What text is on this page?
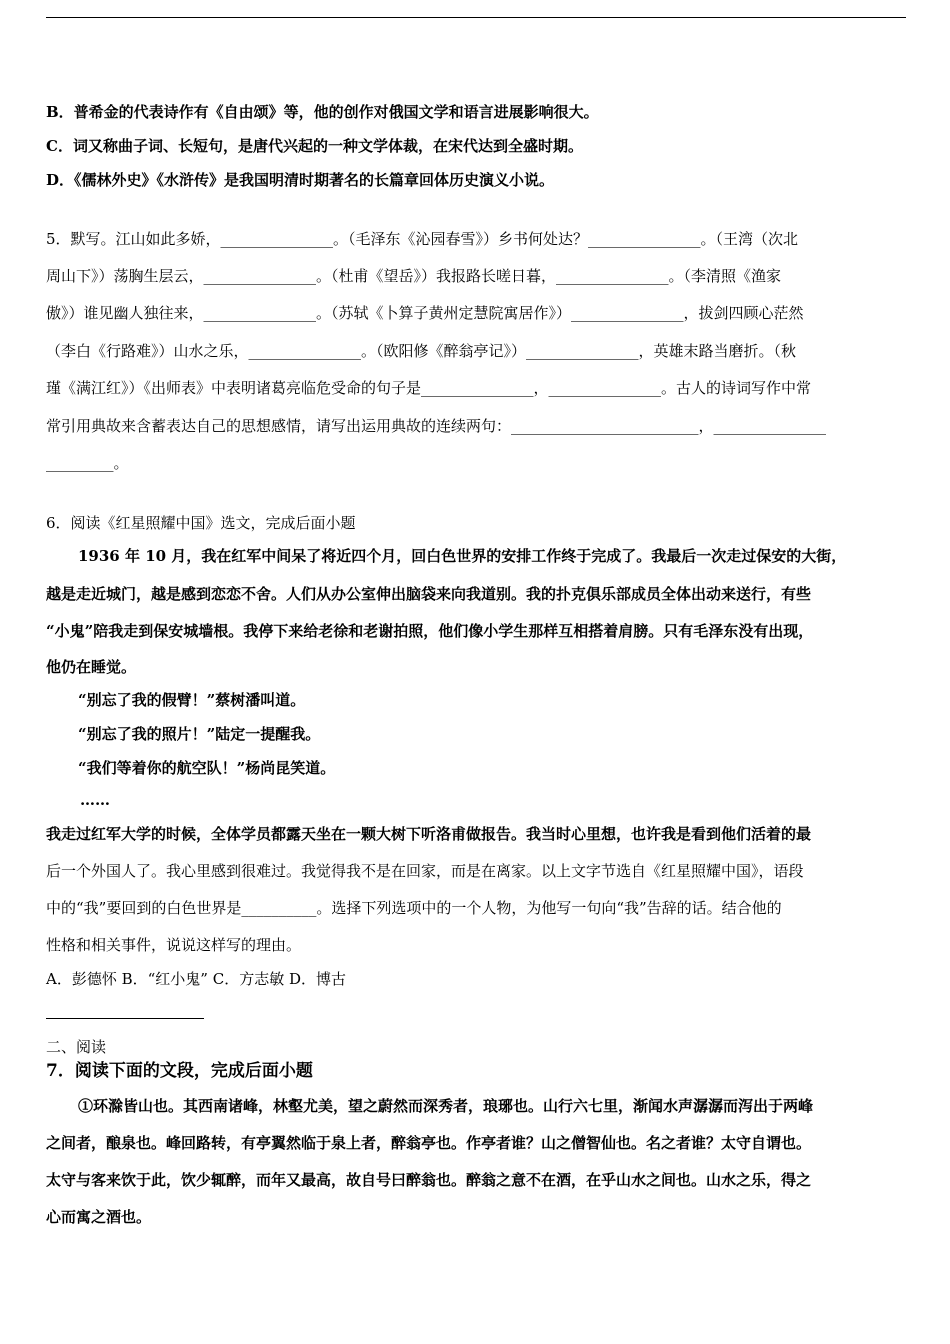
B．普希金的代表诗作有《自由颂》等，他的创作对俄国文学和语言进展影响很大。
C．词又称曲子词、长短句，是唐代兴起的一种文学体裁，在宋代达到全盛时期。
D．《儒林外史》《水浒传》是我国明清时期著名的长篇章回体历史演义小说。
5．默写。江山如此多娇，_______________。（毛泽东《沁园春雪》）乡书何处达？_______________。（王湾（次北
周山下》）荡胸生层云，_______________。（杜甫《望岳》）我报路长嗟日暮，_______________。（李清照《渔家
傲》）谁见幽人独往来，_______________。（苏轼《卜算子黄州定慧院寓居作》）_______________，拔剑四顾心茫然
（李白《行路难》）山水之乐，_______________。（欧阳修《醉翁亭记》）_______________，英雄末路当磨折。（秋
瑾《满江红》）《出师表》中表明诸葛亮临危受命的句子是_______________，_______________。古人的诗词写作中常
常引用典故来含蓄表达自己的思想感情，请写出运用典故的连续两句：_________________________，_______________
_________。
6．阅读《红星照耀中国》选文，完成后面小题
1936 年 10 月，我在红军中间呆了将近四个月，回白色世界的安排工作终于完成了。我最后一次走过保安的大街，
越是走近城门，越是感到恋恋不舍。人们从办公室伸出脑袋来向我道别。我的扑克俱乐部成员全体出动来送行，有些
“小鬼”陪我走到保安城墙根。我停下来给老徐和老谢拍照，他们像小学生那样互相搭着肩膀。只有毛泽东没有出现，
他仍在睡觉。
“别忘了我的假臂！”蔡树潘叫道。
“别忘了我的照片！”陆定一提醒我。
“我们等着你的航空队！”杨尚昆笑道。
……
我走过红军大学的时候，全体学员都露天坐在一颗大树下听洛甫做报告。我当时心里想，也许我是看到他们活着的最
后一个外国人了。我心里感到很难过。我觉得我不是在回家，而是在离家。以上文字节选自《红星照耀中国》，语段
中的“我”要回到的白色世界是__________。选择下列选项中的一个人物，为他写一句向“我”告辞的话。结合他的
性格和相关事件，说说这样写的理由。
A．彭德怀 B．“红小鬼” C．方志敏 D．博古
二、阅读
7．阅读下面的文段，完成后面小题
①环滁皆山也。其西南诸峰，林壑尤美，望之蔚然而深秀者，琅琊也。山行六七里，渐闻水声潺潺而泻出于两峰
之间者，酿泉也。峰回路转，有亭翼然临于泉上者，醉翁亭也。作亭者谁？山之僧智仙也。名之者谁？太守自谓也。
太守与客来饮于此，饮少辄醉，而年又最高，故自号曰醉翁也。醉翁之意不在酒，在乎山水之间也。山水之乐，得之
心而寓之酒也。
